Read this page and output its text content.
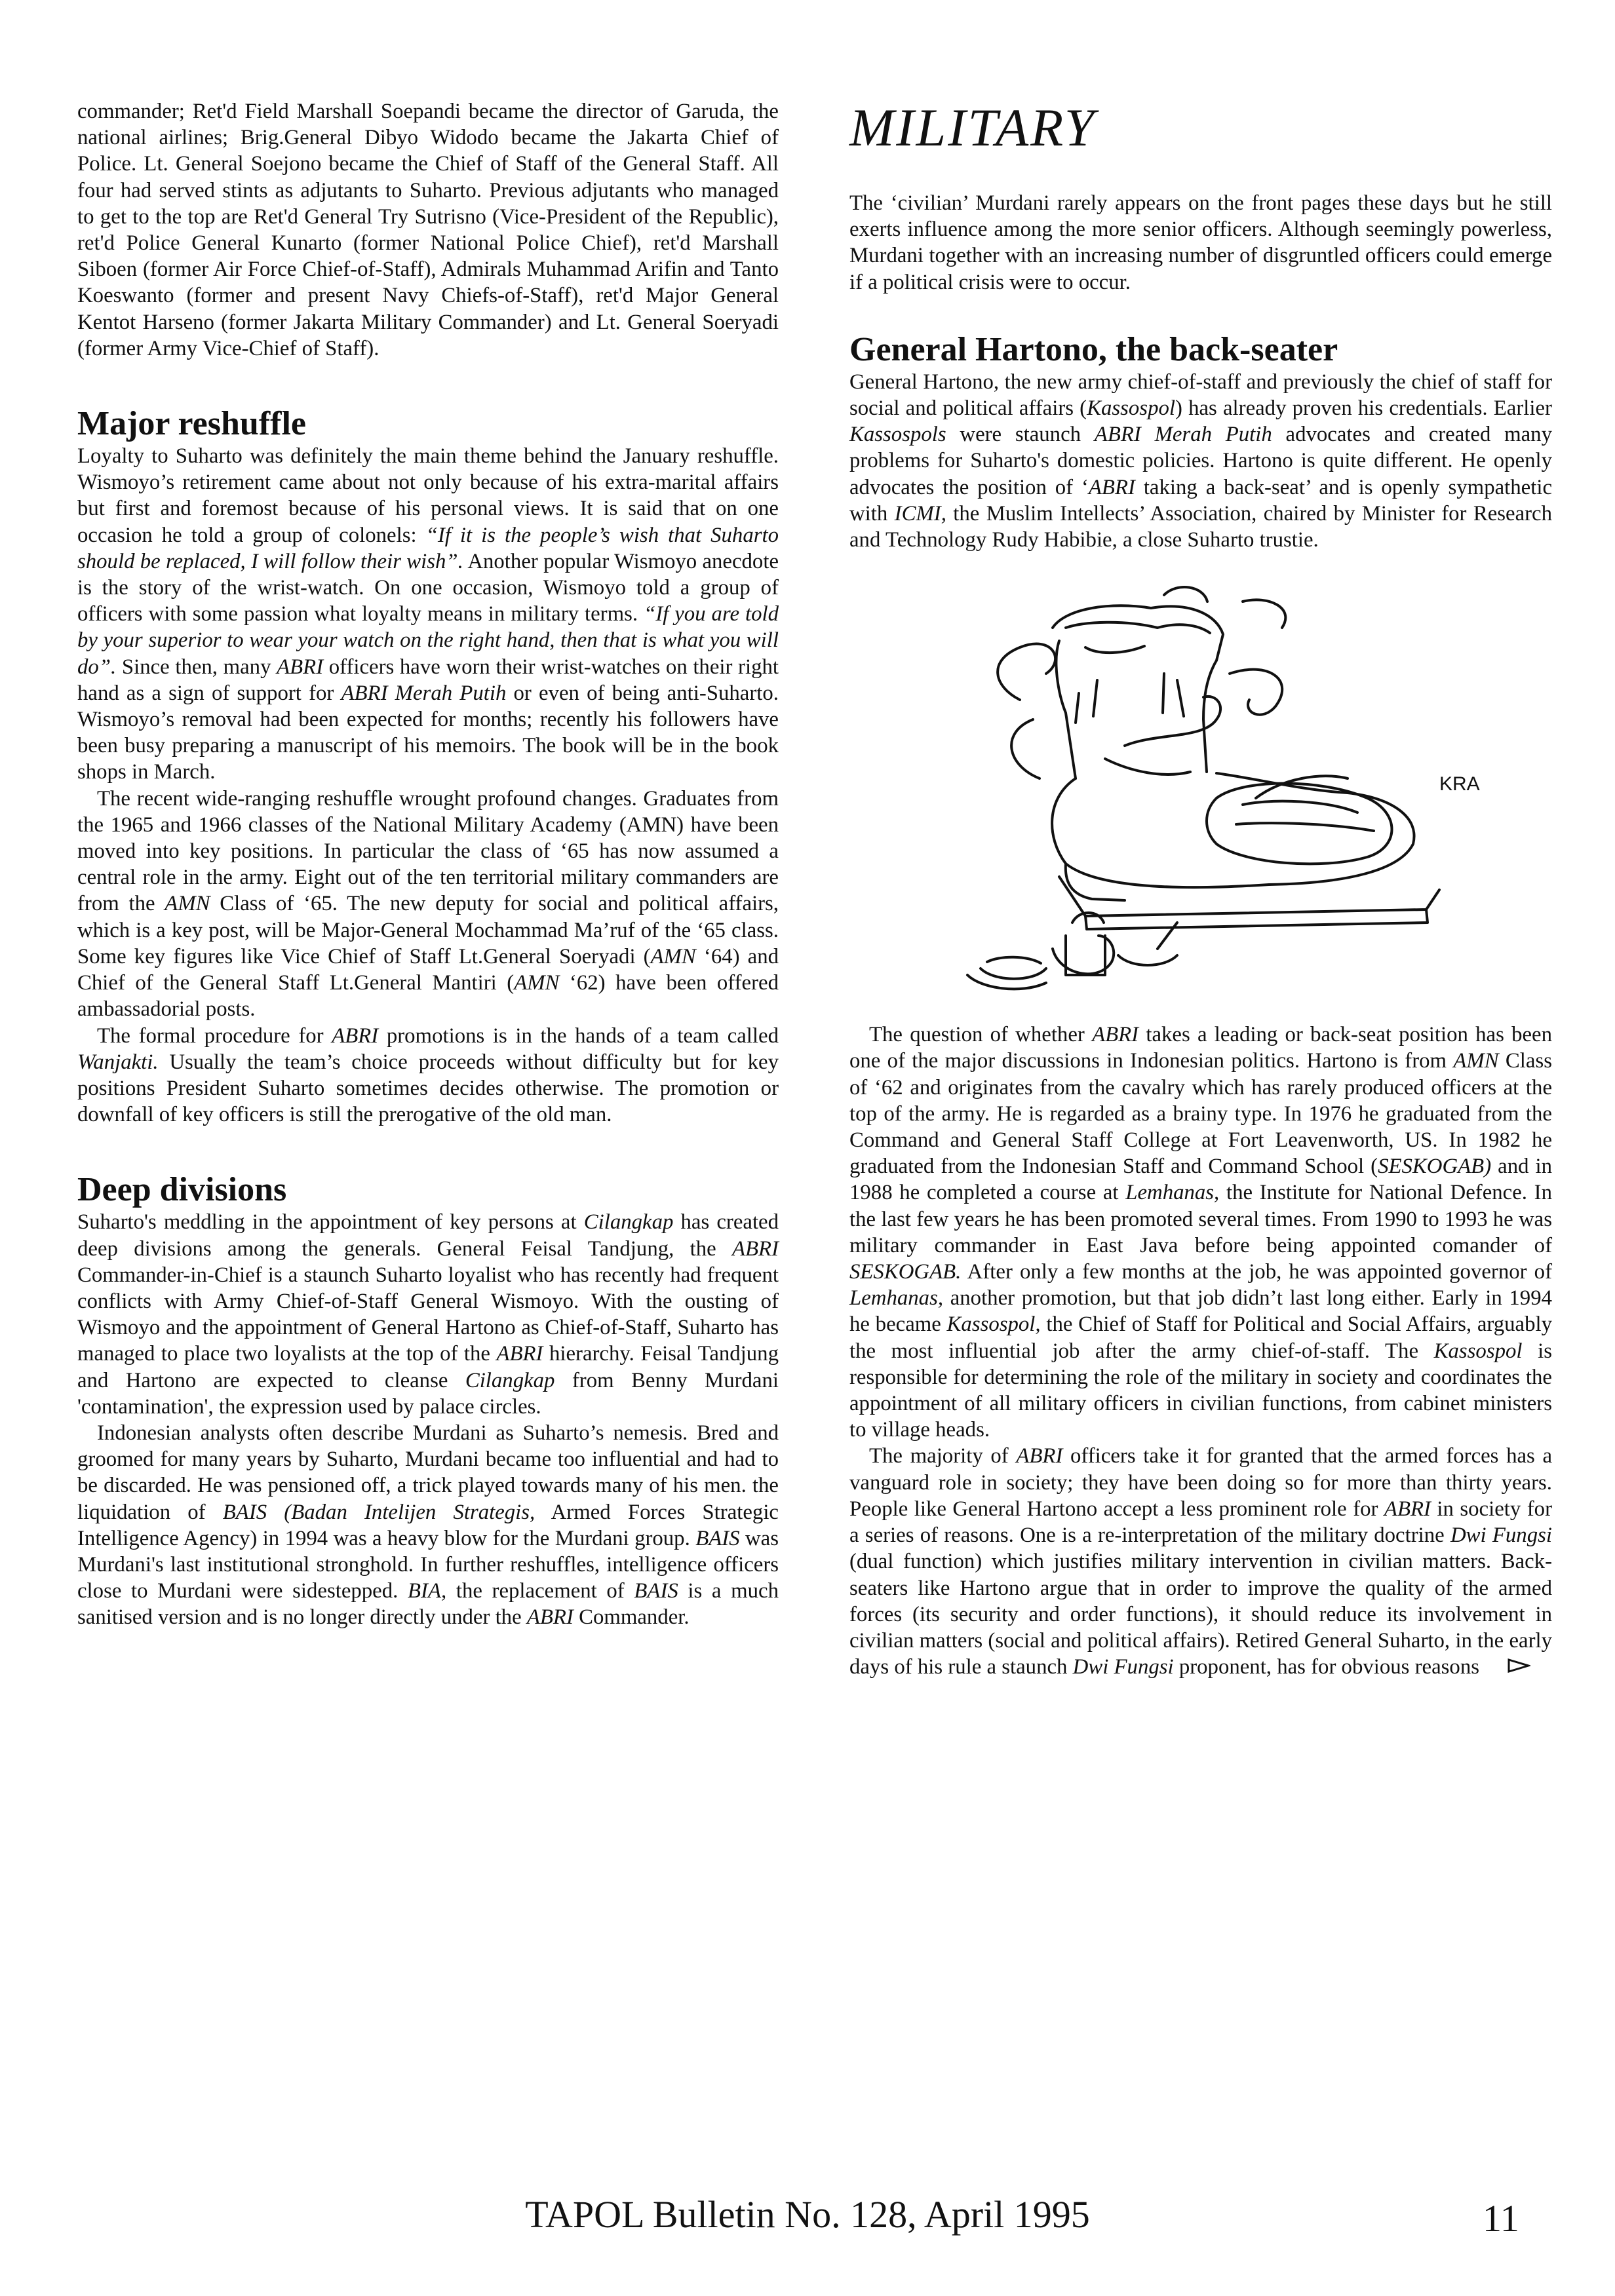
commander; Ret'd Field Marshall Soepandi became the director of Garuda, the national airlines; Brig.General Dibyo Widodo became the Jakarta Chief of Police. Lt. General Soejono became the Chief of Staff of the General Staff. All four had served stints as adjutants to Suharto. Previous adjutants who managed to get to the top are Ret'd General Try Sutrisno (Vice-President of the Republic), ret'd Police General Kunarto (former National Police Chief), ret'd Marshall Siboen (former Air Force Chief-of-Staff), Admirals Muhammad Arifin and Tanto Koeswanto (former and present Navy Chiefs-of-Staff), ret'd Major General Kentot Harseno (former Jakarta Military Commander) and Lt. General Soeryadi (former Army Vice-Chief of Staff).

Major reshuffle

Loyalty to Suharto was definitely the main theme behind the January reshuffle. Wismoyo’s retirement came about not only because of his extra-marital affairs but first and foremost because of his personal views. It is said that on one occasion he told a group of colonels: “If it is the people’s wish that Suharto should be replaced, I will follow their wish”. Another popular Wismoyo anecdote is the story of the wrist-watch. On one occasion, Wismoyo told a group of officers with some passion what loyalty means in military terms. “If you are told by your superior to wear your watch on the right hand, then that is what you will do”. Since then, many ABRI officers have worn their wrist-watches on their right hand as a sign of support for ABRI Merah Putih or even of being anti-Suharto. Wismoyo’s removal had been expected for months; recently his followers have been busy preparing a manuscript of his memoirs. The book will be in the book shops in March.

The recent wide-ranging reshuffle wrought profound changes. Graduates from the 1965 and 1966 classes of the National Military Academy (AMN) have been moved into key positions. In particular the class of ‘65 has now assumed a central role in the army. Eight out of the ten territorial military commanders are from the AMN Class of ‘65. The new deputy for social and political affairs, which is a key post, will be Major-General Mochammad Ma’ruf of the ‘65 class. Some key figures like Vice Chief of Staff Lt.General Soeryadi (AMN ‘64) and Chief of the General Staff Lt.General Mantiri (AMN ‘62) have been offered ambassadorial posts.

The formal procedure for ABRI promotions is in the hands of a team called Wanjakti. Usually the team’s choice proceeds without difficulty but for key positions President Suharto sometimes decides otherwise. The promotion or downfall of key officers is still the prerogative of the old man.

Deep divisions

Suharto's meddling in the appointment of key persons at Cilangkap has created deep divisions among the generals. General Feisal Tandjung, the ABRI Commander-in-Chief is a staunch Suharto loyalist who has recently had frequent conflicts with Army Chief-of-Staff General Wismoyo. With the ousting of Wismoyo and the appointment of General Hartono as Chief-of-Staff, Suharto has managed to place two loyalists at the top of the ABRI hierarchy. Feisal Tandjung and Hartono are expected to cleanse Cilangkap from Benny Murdani 'contamination', the expression used by palace circles.

Indonesian analysts often describe Murdani as Suharto’s nemesis. Bred and groomed for many years by Suharto, Murdani became too influential and had to be discarded. He was pensioned off, a trick played towards many of his men. the liquidation of BAIS (Badan Intelijen Strategis, Armed Forces Strategic Intelligence Agency) in 1994 was a heavy blow for the Murdani group. BAIS was Murdani's last institutional stronghold. In further reshuffles, intelligence officers close to Murdani were sidestepped. BIA, the replacement of BAIS is a much sanitised version and is no longer directly under the ABRI Commander.

MILITARY

The ‘civilian’ Murdani rarely appears on the front pages these days but he still exerts influence among the more senior officers. Although seemingly powerless, Murdani together with an increasing number of disgruntled officers could emerge if a political crisis were to occur.

General Hartono, the back-seater

General Hartono, the new army chief-of-staff and previously the chief of staff for social and political affairs (Kassospol) has already proven his credentials. Earlier Kassospols were staunch ABRI Merah Putih advocates and created many problems for Suharto's domestic policies. Hartono is quite different. He openly advocates the position of ‘ABRI taking a back-seat’ and is openly sympathetic with ICMI, the Muslim Intellects’ Association, chaired by Minister for Research and Technology Rudy Habibie, a close Suharto trustie.

KRA

The question of whether ABRI takes a leading or back-seat position has been one of the major discussions in Indonesian politics. Hartono is from AMN Class of ‘62 and originates from the cavalry which has rarely produced officers at the top of the army. He is regarded as a brainy type. In 1976 he graduated from the Command and General Staff College at Fort Leavenworth, US. In 1982 he graduated from the Indonesian Staff and Command School (SESKOGAB) and in 1988 he completed a course at Lemhanas, the Institute for National Defence. In the last few years he has been promoted several times. From 1990 to 1993 he was military commander in East Java before being appointed comander of SESKOGAB. After only a few months at the job, he was appointed governor of Lemhanas, another promotion, but that job didn’t last long either. Early in 1994 he became Kassospol, the Chief of Staff for Political and Social Affairs, arguably the most influential job after the army chief-of-staff. The Kassospol is responsible for determining the role of the military in society and coordinates the appointment of all military officers in civilian functions, from cabinet ministers to village heads.

The majority of ABRI officers take it for granted that the armed forces has a vanguard role in society; they have been doing so for more than thirty years. People like General Hartono accept a less prominent role for ABRI in society for a series of reasons. One is a re-interpretation of the military doctrine Dwi Fungsi (dual function) which justifies military intervention in civilian matters. Back-seaters like Hartono argue that in order to improve the quality of the armed forces (its security and order functions), it should reduce its involvement in civilian matters (social and political affairs). Retired General Suharto, in the early days of his rule a staunch Dwi Fungsi proponent, has for obvious reasons

TAPOL Bulletin No. 128, April 1995	11
